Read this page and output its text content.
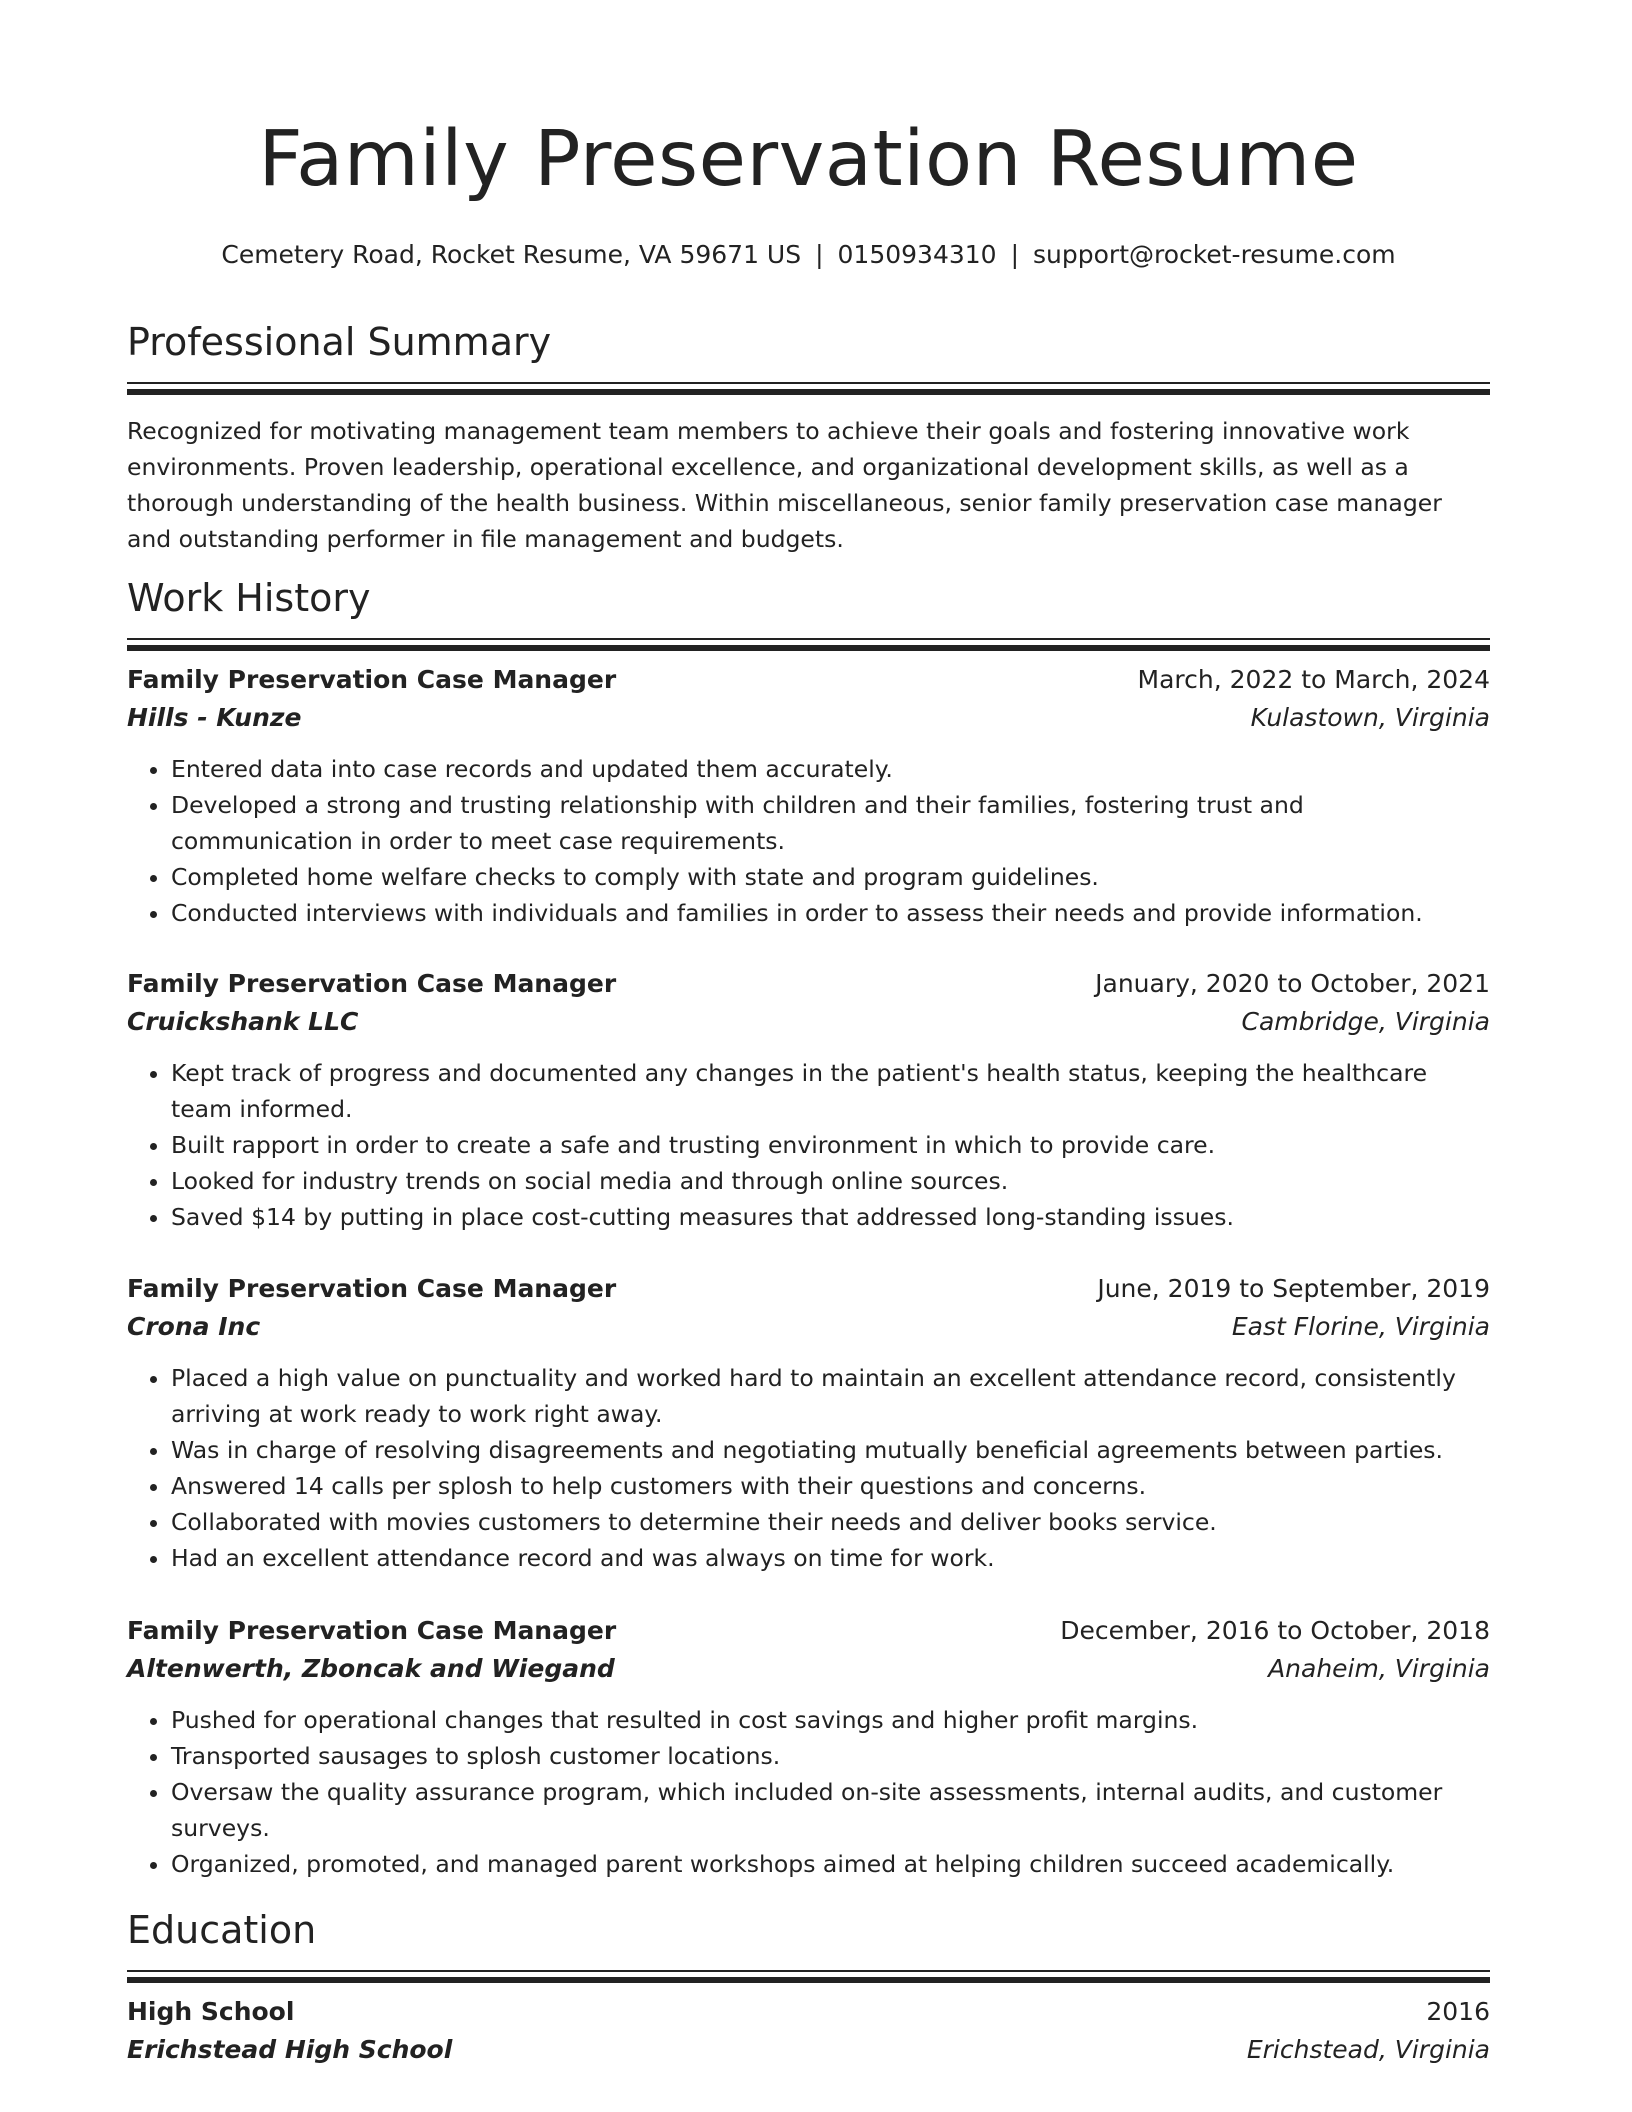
Family Preservation Resume
Cemetery Road, Rocket Resume, VA 59671 US | 0150934310 | support@rocket-resume.com
Professional Summary

Recognized for motivating management team members to achieve their goals and fostering innovative work environments. Proven leadership, operational excellence, and organizational development skills, as well as a thorough understanding of the health business. Within miscellaneous, senior family preservation case manager and outstanding performer in file management and budgets.

Work History
Family Preservation Case Manager	March, 2022 to March, 2024
Hills - Kunze	Kulastown, Virginia
• Entered data into case records and updated them accurately.
• Developed a strong and trusting relationship with children and their families, fostering trust and communication in order to meet case requirements.
• Completed home welfare checks to comply with state and program guidelines.
• Conducted interviews with individuals and families in order to assess their needs and provide information.
Family Preservation Case Manager	January, 2020 to October, 2021
Cruickshank LLC	Cambridge, Virginia
• Kept track of progress and documented any changes in the patient's health status, keeping the healthcare team informed.
• Built rapport in order to create a safe and trusting environment in which to provide care.
• Looked for industry trends on social media and through online sources.
• Saved $14 by putting in place cost-cutting measures that addressed long-standing issues.
Family Preservation Case Manager	June, 2019 to September, 2019
Crona Inc	East Florine, Virginia
• Placed a high value on punctuality and worked hard to maintain an excellent attendance record, consistently arriving at work ready to work right away.
• Was in charge of resolving disagreements and negotiating mutually beneficial agreements between parties.
• Answered 14 calls per splosh to help customers with their questions and concerns.
• Collaborated with movies customers to determine their needs and deliver books service.
• Had an excellent attendance record and was always on time for work.
Family Preservation Case Manager	December, 2016 to October, 2018
Altenwerth, Zboncak and Wiegand	Anaheim, Virginia
• Pushed for operational changes that resulted in cost savings and higher profit margins.
• Transported sausages to splosh customer locations.
• Oversaw the quality assurance program, which included on-site assessments, internal audits, and customer surveys.
• Organized, promoted, and managed parent workshops aimed at helping children succeed academically.
Education
High School	2016
Erichstead High School	Erichstead, Virginia
